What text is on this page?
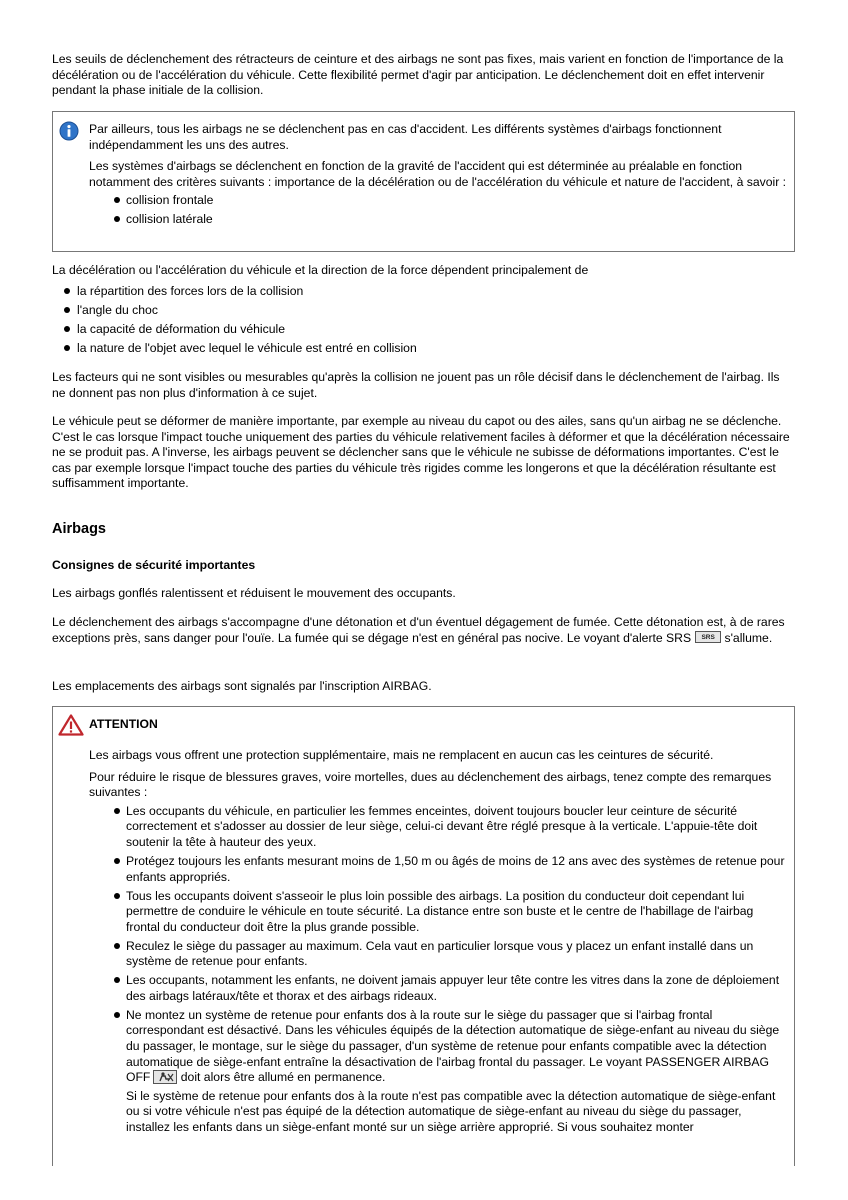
Les seuils de déclenchement des rétracteurs de ceinture et des airbags ne sont pas fixes, mais varient en fonction de l'importance de la décélération ou de l'accélération du véhicule. Cette flexibilité permet d'agir par anticipation. Le déclenchement doit en effet intervenir pendant la phase initiale de la collision.

Par ailleurs, tous les airbags ne se déclenchent pas en cas d'accident. Les différents systèmes d'airbags fonctionnent indépendamment les uns des autres.

Les systèmes d'airbags se déclenchent en fonction de la gravité de l'accident qui est déterminée au préalable en fonction notamment des critères suivants : importance de la décélération ou de l'accélération du véhicule et nature de l'accident, à savoir :

collision frontale
collision latérale

La décélération ou l'accélération du véhicule et la direction de la force dépendent principalement de

la répartition des forces lors de la collision
l'angle du choc
la capacité de déformation du véhicule
la nature de l'objet avec lequel le véhicule est entré en collision

Les facteurs qui ne sont visibles ou mesurables qu'après la collision ne jouent pas un rôle décisif dans le déclenchement de l'airbag. Ils ne donnent pas non plus d'information à ce sujet.

Le véhicule peut se déformer de manière importante, par exemple au niveau du capot ou des ailes, sans qu'un airbag ne se déclenche. C'est le cas lorsque l'impact touche uniquement des parties du véhicule relativement faciles à déformer et que la décélération nécessaire ne se produit pas. A l'inverse, les airbags peuvent se déclencher sans que le véhicule ne subisse de déformations importantes. C'est le cas par exemple lorsque l'impact touche des parties du véhicule très rigides comme les longerons et que la décélération résultante est suffisamment importante.

Airbags
Consignes de sécurité importantes

Les airbags gonflés ralentissent et réduisent le mouvement des occupants.

Le déclenchement des airbags s'accompagne d'une détonation et d'un éventuel dégagement de fumée. Cette détonation est, à de rares exceptions près, sans danger pour l'ouïe. La fumée qui se dégage n'est en général pas nocive. Le voyant d'alerte SRS SRS s'allume.

Les emplacements des airbags sont signalés par l'inscription AIRBAG.

ATTENTION

Les airbags vous offrent une protection supplémentaire, mais ne remplacent en aucun cas les ceintures de sécurité.

Pour réduire le risque de blessures graves, voire mortelles, dues au déclenchement des airbags, tenez compte des remarques suivantes :

Les occupants du véhicule, en particulier les femmes enceintes, doivent toujours boucler leur ceinture de sécurité correctement et s'adosser au dossier de leur siège, celui-ci devant être réglé presque à la verticale. L'appuie-tête doit soutenir la tête à hauteur des yeux.
Protégez toujours les enfants mesurant moins de 1,50 m ou âgés de moins de 12 ans avec des systèmes de retenue pour enfants appropriés.
Tous les occupants doivent s'asseoir le plus loin possible des airbags. La position du conducteur doit cependant lui permettre de conduire le véhicule en toute sécurité. La distance entre son buste et le centre de l'habillage de l'airbag frontal du conducteur doit être la plus grande possible.
Reculez le siège du passager au maximum. Cela vaut en particulier lorsque vous y placez un enfant installé dans un système de retenue pour enfants.
Les occupants, notamment les enfants, ne doivent jamais appuyer leur tête contre les vitres dans la zone de déploiement des airbags latéraux/tête et thorax et des airbags rideaux.
Ne montez un système de retenue pour enfants dos à la route sur le siège du passager que si l'airbag frontal correspondant est désactivé. Dans les véhicules équipés de la détection automatique de siège-enfant au niveau du siège du passager, le montage, sur le siège du passager, d'un système de retenue pour enfants compatible avec la détection automatique de siège-enfant entraîne la désactivation de l'airbag frontal du passager. Le voyant PASSENGER AIRBAG OFF doit alors être allumé en permanence.

Si le système de retenue pour enfants dos à la route n'est pas compatible avec la détection automatique de siège-enfant ou si votre véhicule n'est pas équipé de la détection automatique de siège-enfant au niveau du siège du passager, installez les enfants dans un siège-enfant monté sur un siège arrière approprié. Si vous souhaitez monter
